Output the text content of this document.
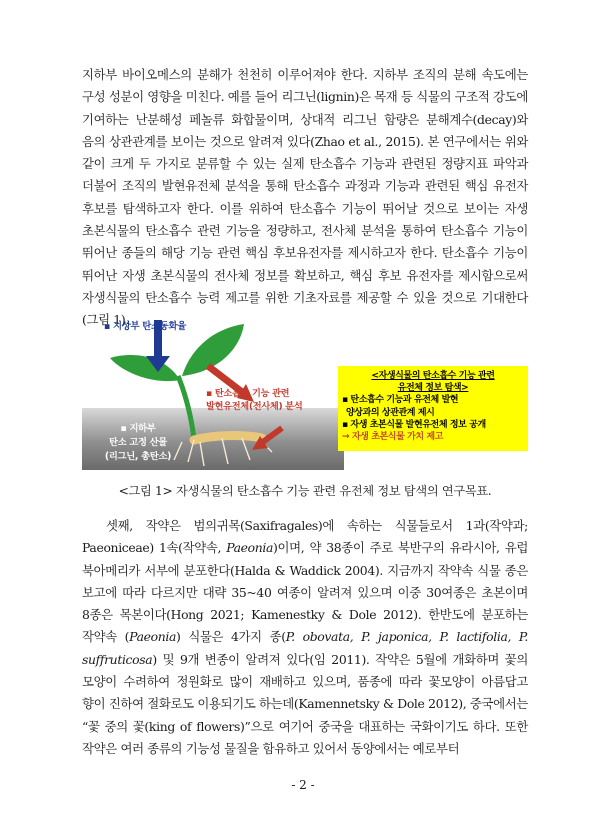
지하부 바이오메스의 분해가 천천히 이루어져야 한다. 지하부 조직의 분해 속도에는 구성 성분이 영향을 미친다. 예를 들어 리그닌(lignin)은 목재 등 식물의 구조적 강도에 기여하는 난분해성 페놀류 화합물이며, 상대적 리그닌 함량은 분해계수(decay)와 음의 상관관계를 보이는 것으로 알려져 있다(Zhao et al., 2015). 본 연구에서는 위와 같이 크게 두 가지로 분류할 수 있는 실제 탄소흡수 기능과 관련된 정량지표 파악과 더불어 조직의 발현유전체 분석을 통해 탄소흡수 과정과 기능과 관련된 핵심 유전자 후보를 탐색하고자 한다. 이를 위하여 탄소흡수 기능이 뛰어날 것으로 보이는 자생 초본식물의 탄소흡수 관련 기능을 정량하고, 전사체 분석을 통하여 탄소흡수 기능이 뛰어난 종들의 해당 기능 관련 핵심 후보유전자를 제시하고자 한다. 탄소흡수 기능이 뛰어난 자생 초본식물의 전사체 정보를 확보하고, 핵심 후보 유전자를 제시함으로써 자생식물의 탄소흡수 능력 제고를 위한 기초자료를 제공할 수 있을 것으로 기대한다(그림 1).

▪ 지상부 탄소동화율
▪ 탄소흡수 기능 관련
발현유전체(전사체) 분석
▪ 지하부
탄소 고정 산물
(리그닌, 총탄소)
<자생식물의 탄소흡수 기능 관련
유전체 정보 탐색>
▪ 탄소흡수 기능과 유전체 발현
양상과의 상관관계 제시
▪ 자생 초본식물 발현유전체 정보 공개
→ 자생 초본식물 가치 제고
<그림 1> 자생식물의 탄소흡수 기능 관련 유전체 정보 탐색의 연구목표.

셋째, 작약은 범의귀목(Saxifragales)에 속하는 식물들로서 1과(작약과; Paeoniceae) 1속(작약속, Paeonia)이며, 약 38종이 주로 북반구의 유라시아, 유럽 북아메리카 서부에 분포한다(Halda & Waddick 2004). 지금까지 작약속 식물 종은 보고에 따라 다르지만 대략 35~40 여종이 알려져 있으며 이중 30여종은 초본이며 8종은 목본이다(Hong 2021; Kamenestky & Dole 2012). 한반도에 분포하는 작약속 (Paeonia) 식물은 4가지 종(P. obovata, P. japonica, P. lactifolia, P. suffruticosa) 및 9개 변종이 알려져 있다(임 2011). 작약은 5월에 개화하며 꽃의 모양이 수려하여 정원화로 많이 재배하고 있으며, 품종에 따라 꽃모양이 아름답고 향이 진하여 절화로도 이용되기도 하는데(Kamennetsky & Dole 2012), 중국에서는 “꽃 중의 꽃(king of flowers)”으로 여기어 중국을 대표하는 국화이기도 하다. 또한 작약은 여러 종류의 기능성 물질을 함유하고 있어서 동양에서는 예로부터

- 2 -
